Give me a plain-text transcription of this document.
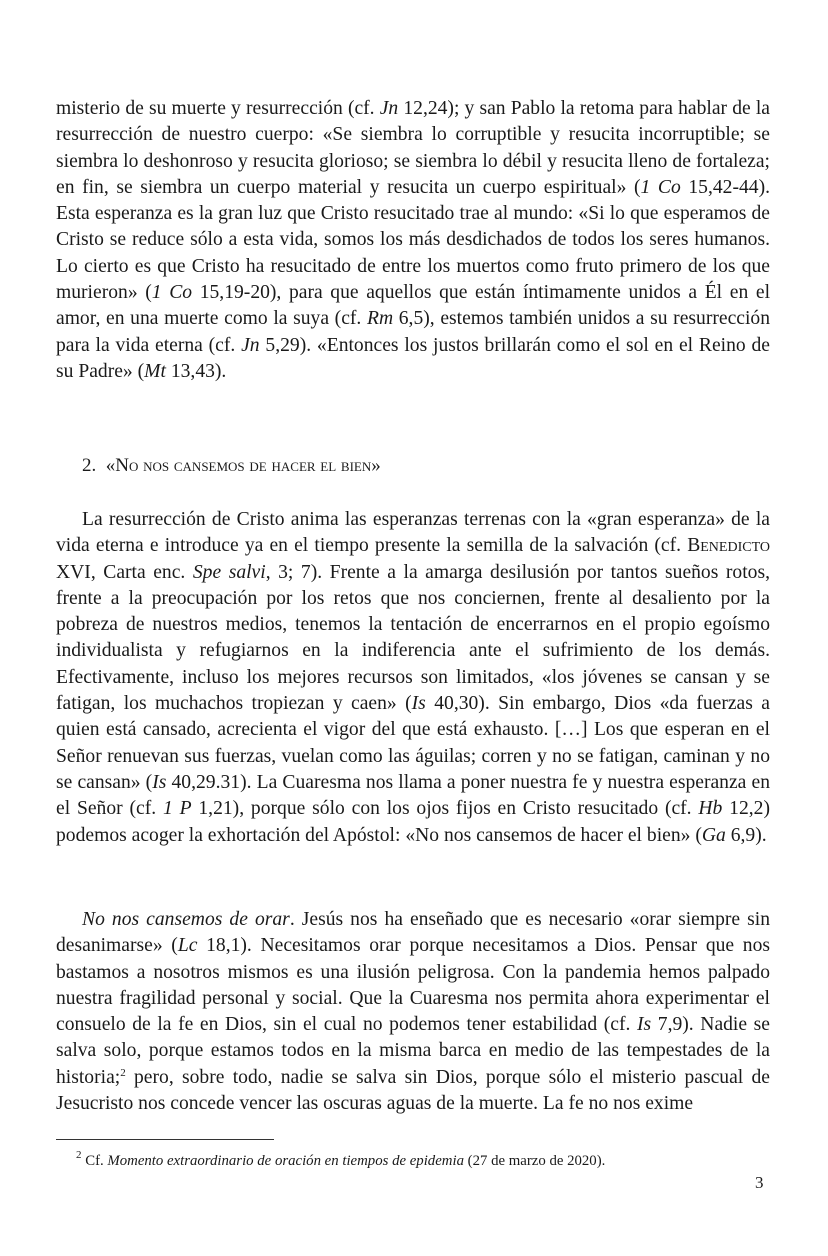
misterio de su muerte y resurrección (cf. Jn 12,24); y san Pablo la retoma para hablar de la resurrección de nuestro cuerpo: «Se siembra lo corruptible y resucita incorruptible; se siembra lo deshonroso y resucita glorioso; se siembra lo débil y resucita lleno de fortaleza; en fin, se siembra un cuerpo material y resucita un cuerpo espiritual» (1 Co 15,42-44). Esta esperanza es la gran luz que Cristo resucitado trae al mundo: «Si lo que esperamos de Cristo se reduce sólo a esta vida, somos los más desdichados de todos los seres humanos. Lo cierto es que Cristo ha resucitado de entre los muertos como fruto primero de los que murieron» (1 Co 15,19-20), para que aquellos que están íntimamente unidos a Él en el amor, en una muerte como la suya (cf. Rm 6,5), estemos también unidos a su resurrección para la vida eterna (cf. Jn 5,29). «Entonces los justos brillarán como el sol en el Reino de su Padre» (Mt 13,43).

La resurrección de Cristo anima las esperanzas terrenas con la «gran esperanza» de la vida eterna e introduce ya en el tiempo presente la semilla de la salvación (cf. Benedicto XVI, Carta enc. Spe salvi, 3; 7). Frente a la amarga desilusión por tantos sueños rotos, frente a la preocupación por los retos que nos conciernen, frente al desaliento por la pobreza de nuestros medios, tenemos la tentación de encerrarnos en el propio egoísmo individualista y refugiarnos en la indiferencia ante el sufrimiento de los demás. Efectivamente, incluso los mejores recursos son limitados, «los jóvenes se cansan y se fatigan, los muchachos tropiezan y caen» (Is 40,30). Sin embargo, Dios «da fuerzas a quien está cansado, acrecienta el vigor del que está exhausto. […] Los que esperan en el Señor renuevan sus fuerzas, vuelan como las águilas; corren y no se fatigan, caminan y no se cansan» (Is 40,29.31). La Cuaresma nos llama a poner nuestra fe y nuestra esperanza en el Señor (cf. 1 P 1,21), porque sólo con los ojos fijos en Cristo resucitado (cf. Hb 12,2) podemos acoger la exhortación del Apóstol: «No nos cansemos de hacer el bien» (Ga 6,9).

No nos cansemos de orar. Jesús nos ha enseñado que es necesario «orar siempre sin desanimarse» (Lc 18,1). Necesitamos orar porque necesitamos a Dios. Pensar que nos bastamos a nosotros mismos es una ilusión peligrosa. Con la pandemia hemos palpado nuestra fragilidad personal y social. Que la Cuaresma nos permita ahora experimentar el consuelo de la fe en Dios, sin el cual no podemos tener estabilidad (cf. Is 7,9). Nadie se salva solo, porque estamos todos en la misma barca en medio de las tempestades de la historia;$^2$ pero, sobre todo, nadie se salva sin Dios, porque sólo el misterio pascual de Jesucristo nos concede vencer las oscuras aguas de la muerte. La fe no nos exime

2. «No nos cansemos de hacer el bien»
$^2$ Cf. Momento extraordinario de oración en tiempos de epidemia (27 de marzo de 2020).
3
